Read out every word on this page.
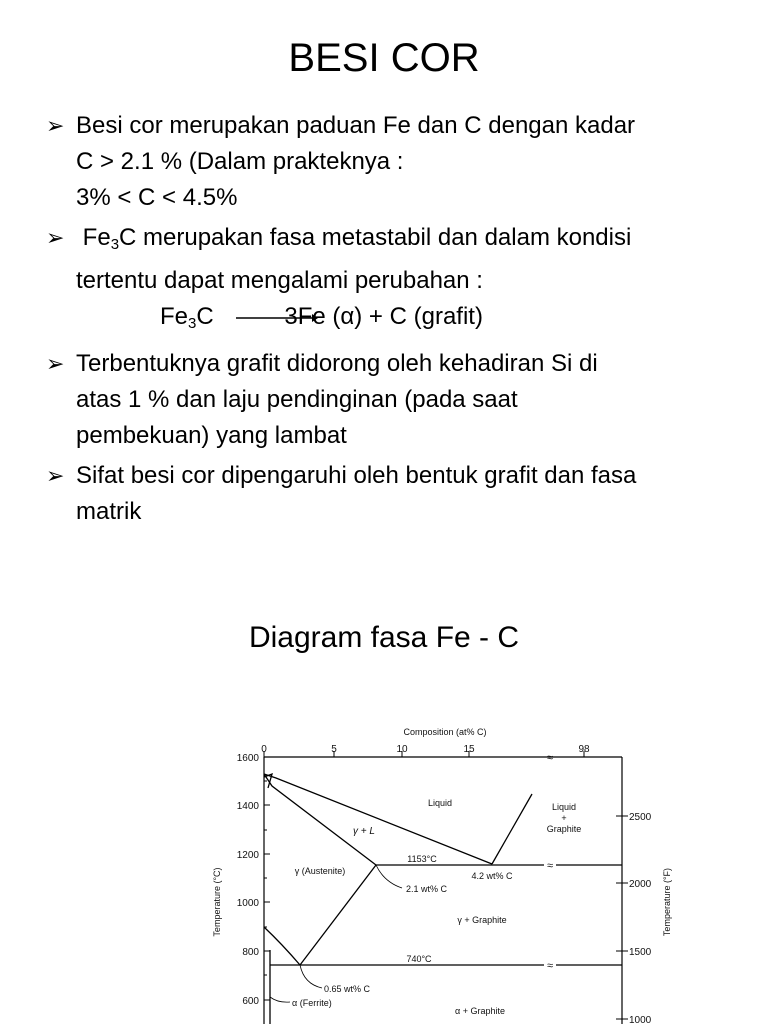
BESI COR
➢ Besi cor merupakan paduan Fe dan C dengan kadar
C > 2.1 % (Dalam prakteknya :
3% < C < 4.5%
➢ $Fe_3C$ merupakan fasa metastabil dan dalam kondisi
tertentu dapat mengalami perubahan :
$Fe_3C \to 3Fe$ (α) + C (grafit)
➢ Terbentuknya grafit didorong oleh kehadiran Si di
atas 1 % dan laju pendinginan (pada saat
pembekuan) yang lambat
➢ Sifat besi cor dipengaruhi oleh bentuk grafit dan fasa
matrik
Diagram fasa Fe - C
Composition (at% C)
Temperature (°C)	Temperature (°F)
0	5	10	15	98
≈
1600
1400
1200
1000
800
600
2500
2000
1500
1000
≈
≈
Liquid	Liquid
+
Graphite
γ + L
γ (Austenite)
1153°C
4.2 wt% C
2.1 wt% C
γ + Graphite
740°C
0.65 wt% C
α (Ferrite)
α + Graphite
